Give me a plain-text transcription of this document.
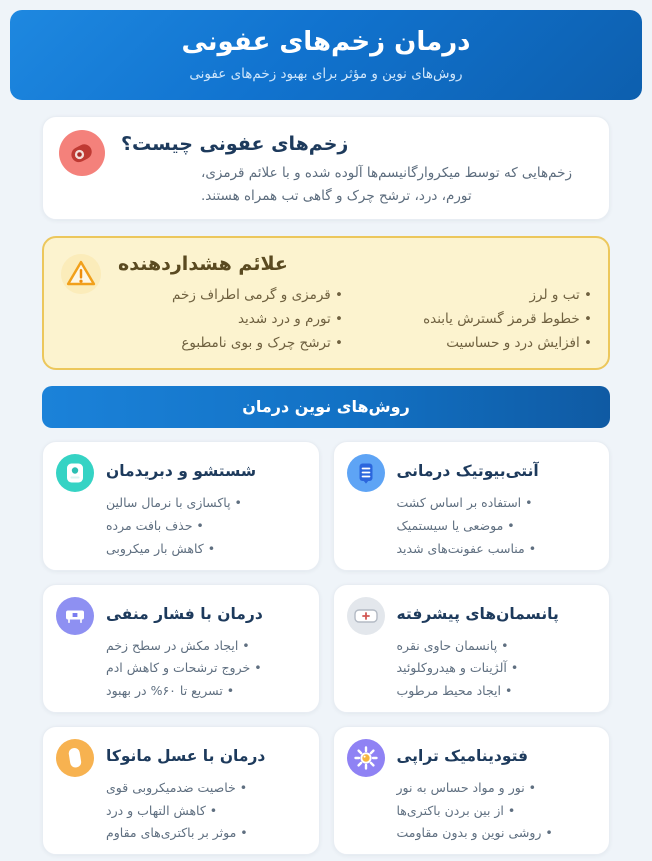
درمان زخم‌های عفونی
روش‌های نوین و مؤثر برای بهبود زخم‌های عفونی
زخم‌های عفونی چیست؟
زخم‌هایی که توسط میکروارگانیسم‌ها آلوده شده و با علائم قرمزی، تورم، درد، ترشح چرک و گاهی تب همراه هستند.
علائم هشداردهنده
• تب و لرز
• خطوط قرمز گسترش یابنده
• افزایش درد و حساسیت
• قرمزی و گرمی اطراف زخم
• تورم و درد شدید
• ترشح چرک و بوی نامطبوع
روش‌های نوین درمان
آنتی‌بیوتیک درمانی
• استفاده بر اساس کشت
• موضعی یا سیستمیک
• مناسب عفونت‌های شدید
شستشو و دبریدمان
• پاکسازی با نرمال سالین
• حذف بافت مرده
• کاهش بار میکروبی
پانسمان‌های پیشرفته
• پانسمان حاوی نقره
• آلژینات و هیدروکلوئید
• ایجاد محیط مرطوب
درمان با فشار منفی
• ایجاد مکش در سطح زخم
• خروج ترشحات و کاهش ادم
• تسریع تا ۶۰% در بهبود
فتودینامیک تراپی
• نور و مواد حساس به نور
• از بین بردن باکتری‌ها
• روشی نوین و بدون مقاومت
درمان با عسل مانوکا
• خاصیت ضدمیکروبی قوی
• کاهش التهاب و درد
• موثر بر باکتری‌های مقاوم
